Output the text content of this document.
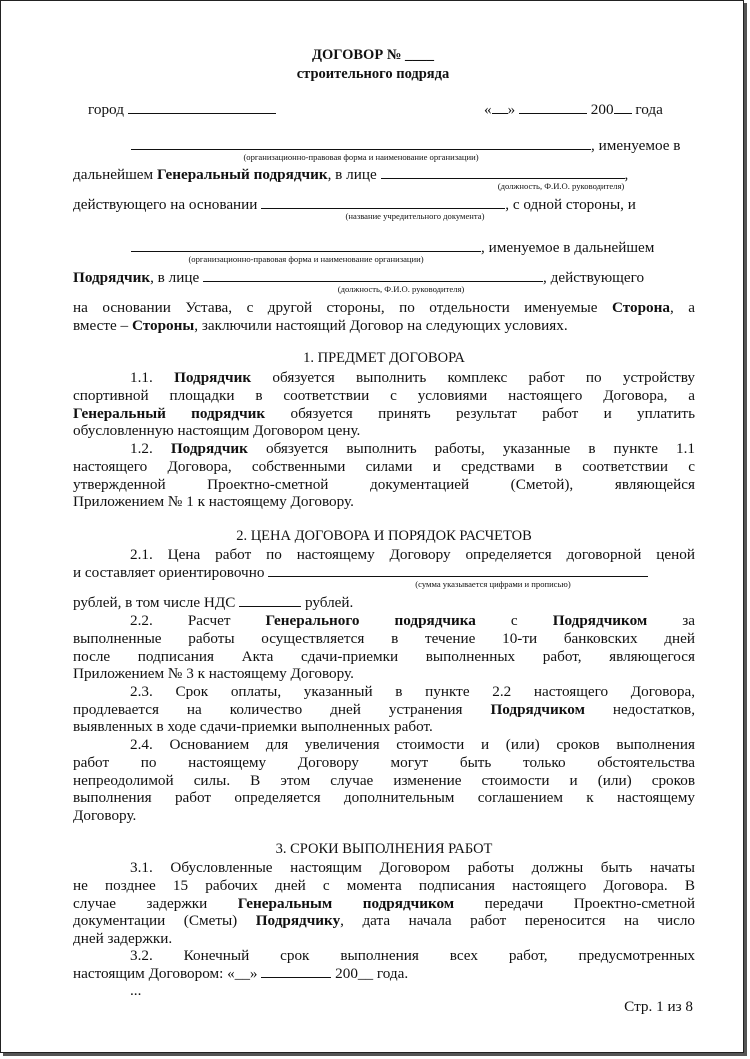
ДОГОВОР № ____
строительного подряда
город	« »	200 года
, именуемое в
(организационно-правовая форма и наименование организации)
дальнейшем Генеральный подрядчик, в лице	,
(должность, Ф.И.О. руководителя)
действующего на основании	, с одной стороны, и
(название учредительного документа)
, именуемое в дальнейшем
(организационно-правовая форма и наименование организации)
Подрядчик, в лице	, действующего
(должность, Ф.И.О. руководителя)
на основании Устава, с другой стороны, по отдельности именуемые Сторона, а
вместе – Стороны, заключили настоящий Договор на следующих условиях.
1. ПРЕДМЕТ ДОГОВОРА
1.1. Подрядчик обязуется выполнить комплекс работ по устройству
спортивной площадки в соответствии с условиями настоящего Договора, а
Генеральный подрядчик обязуется принять результат работ и уплатить
обусловленную настоящим Договором цену.
1.2. Подрядчик обязуется выполнить работы, указанные в пункте 1.1
настоящего Договора, собственными силами и средствами в соответствии с
утвержденной Проектно-сметной документацией (Сметой), являющейся
Приложением № 1 к настоящему Договору.
2. ЦЕНА ДОГОВОРА И ПОРЯДОК РАСЧЕТОВ
2.1. Цена работ по настоящему Договору определяется договорной ценой
и составляет ориентировочно
(сумма указывается цифрами и прописью)
рублей, в том числе НДС	рублей.
2.2. Расчет Генерального подрядчика с Подрядчиком за
выполненные работы осуществляется в течение 10-ти банковских дней
после подписания Акта сдачи-приемки выполненных работ, являющегося
Приложением № 3 к настоящему Договору.
2.3. Срок оплаты, указанный в пункте 2.2 настоящего Договора,
продлевается на количество дней устранения Подрядчиком недостатков,
выявленных в ходе сдачи-приемки выполненных работ.
2.4. Основанием для увеличения стоимости и (или) сроков выполнения
работ по настоящему Договору могут быть только обстоятельства
непреодолимой силы. В этом случае изменение стоимости и (или) сроков
выполнения работ определяется дополнительным соглашением к настоящему
Договору.
3. СРОКИ ВЫПОЛНЕНИЯ РАБОТ
3.1. Обусловленные настоящим Договором работы должны быть начаты
не позднее 15 рабочих дней с момента подписания настоящего Договора. В
случае задержки Генеральным подрядчиком передачи Проектно-сметной
документации (Сметы) Подрядчику, дата начала работ переносится на число
дней задержки.
3.2. Конечный срок выполнения всех работ, предусмотренных
настоящим Договором: «__»	200__ года.
...
Стр. 1 из 8
